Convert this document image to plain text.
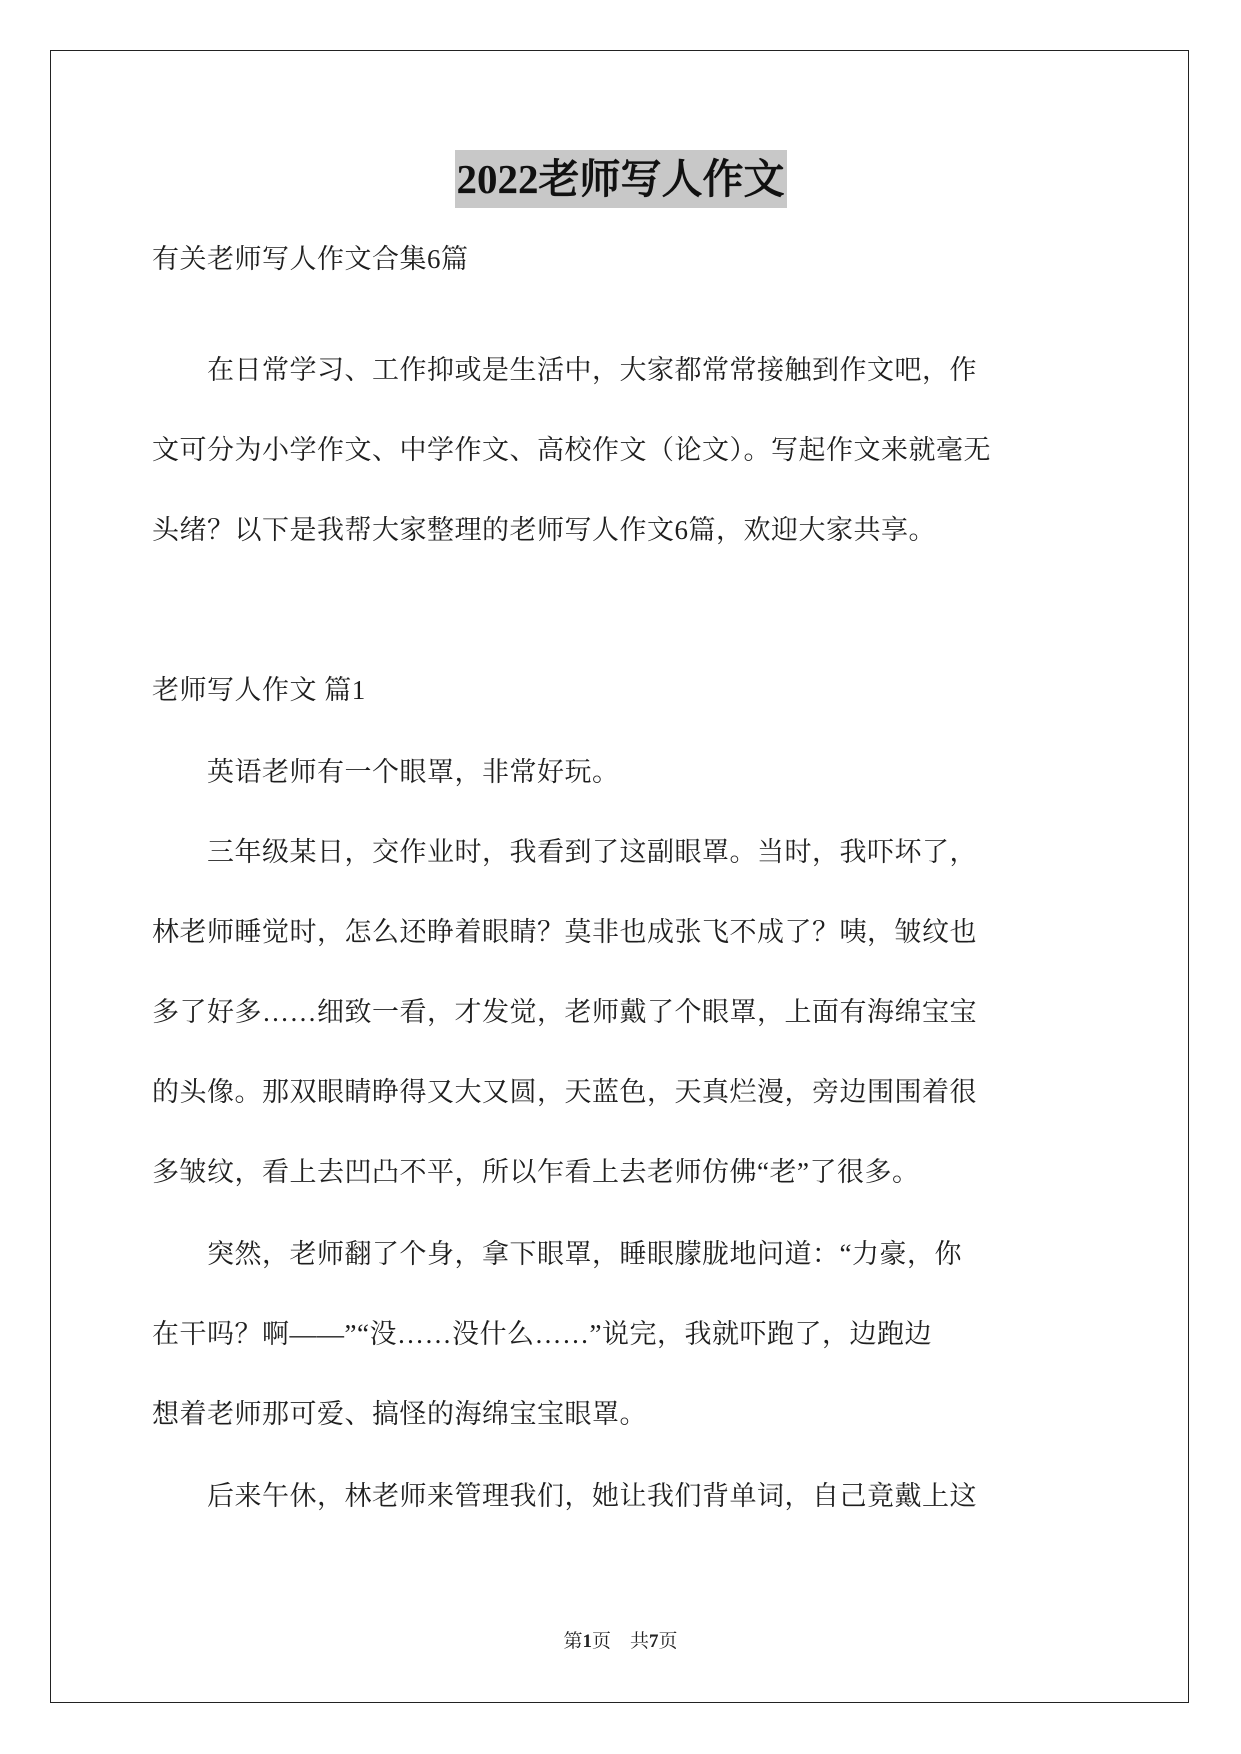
2022老师写人作文
有关老师写人作文合集6篇
　　在日常学习、工作抑或是生活中，大家都常常接触到作文吧，作
文可分为小学作文、中学作文、高校作文（论文）。写起作文来就毫无
头绪？以下是我帮大家整理的老师写人作文6篇，欢迎大家共享。
老师写人作文 篇1
　　英语老师有一个眼罩，非常好玩。
　　三年级某日，交作业时，我看到了这副眼罩。当时，我吓坏了，
林老师睡觉时，怎么还睁着眼睛？莫非也成张飞不成了？咦，皱纹也
多了好多……细致一看，才发觉，老师戴了个眼罩，上面有海绵宝宝
的头像。那双眼睛睁得又大又圆，天蓝色，天真烂漫，旁边围围着很
多皱纹，看上去凹凸不平，所以乍看上去老师仿佛“老”了很多。
　　突然，老师翻了个身，拿下眼罩，睡眼朦胧地问道：“力豪，你
在干吗？啊——”“没……没什么……”说完，我就吓跑了，边跑边
想着老师那可爱、搞怪的海绵宝宝眼罩。
　　后来午休，林老师来管理我们，她让我们背单词，自己竟戴上这
第1页　共7页
